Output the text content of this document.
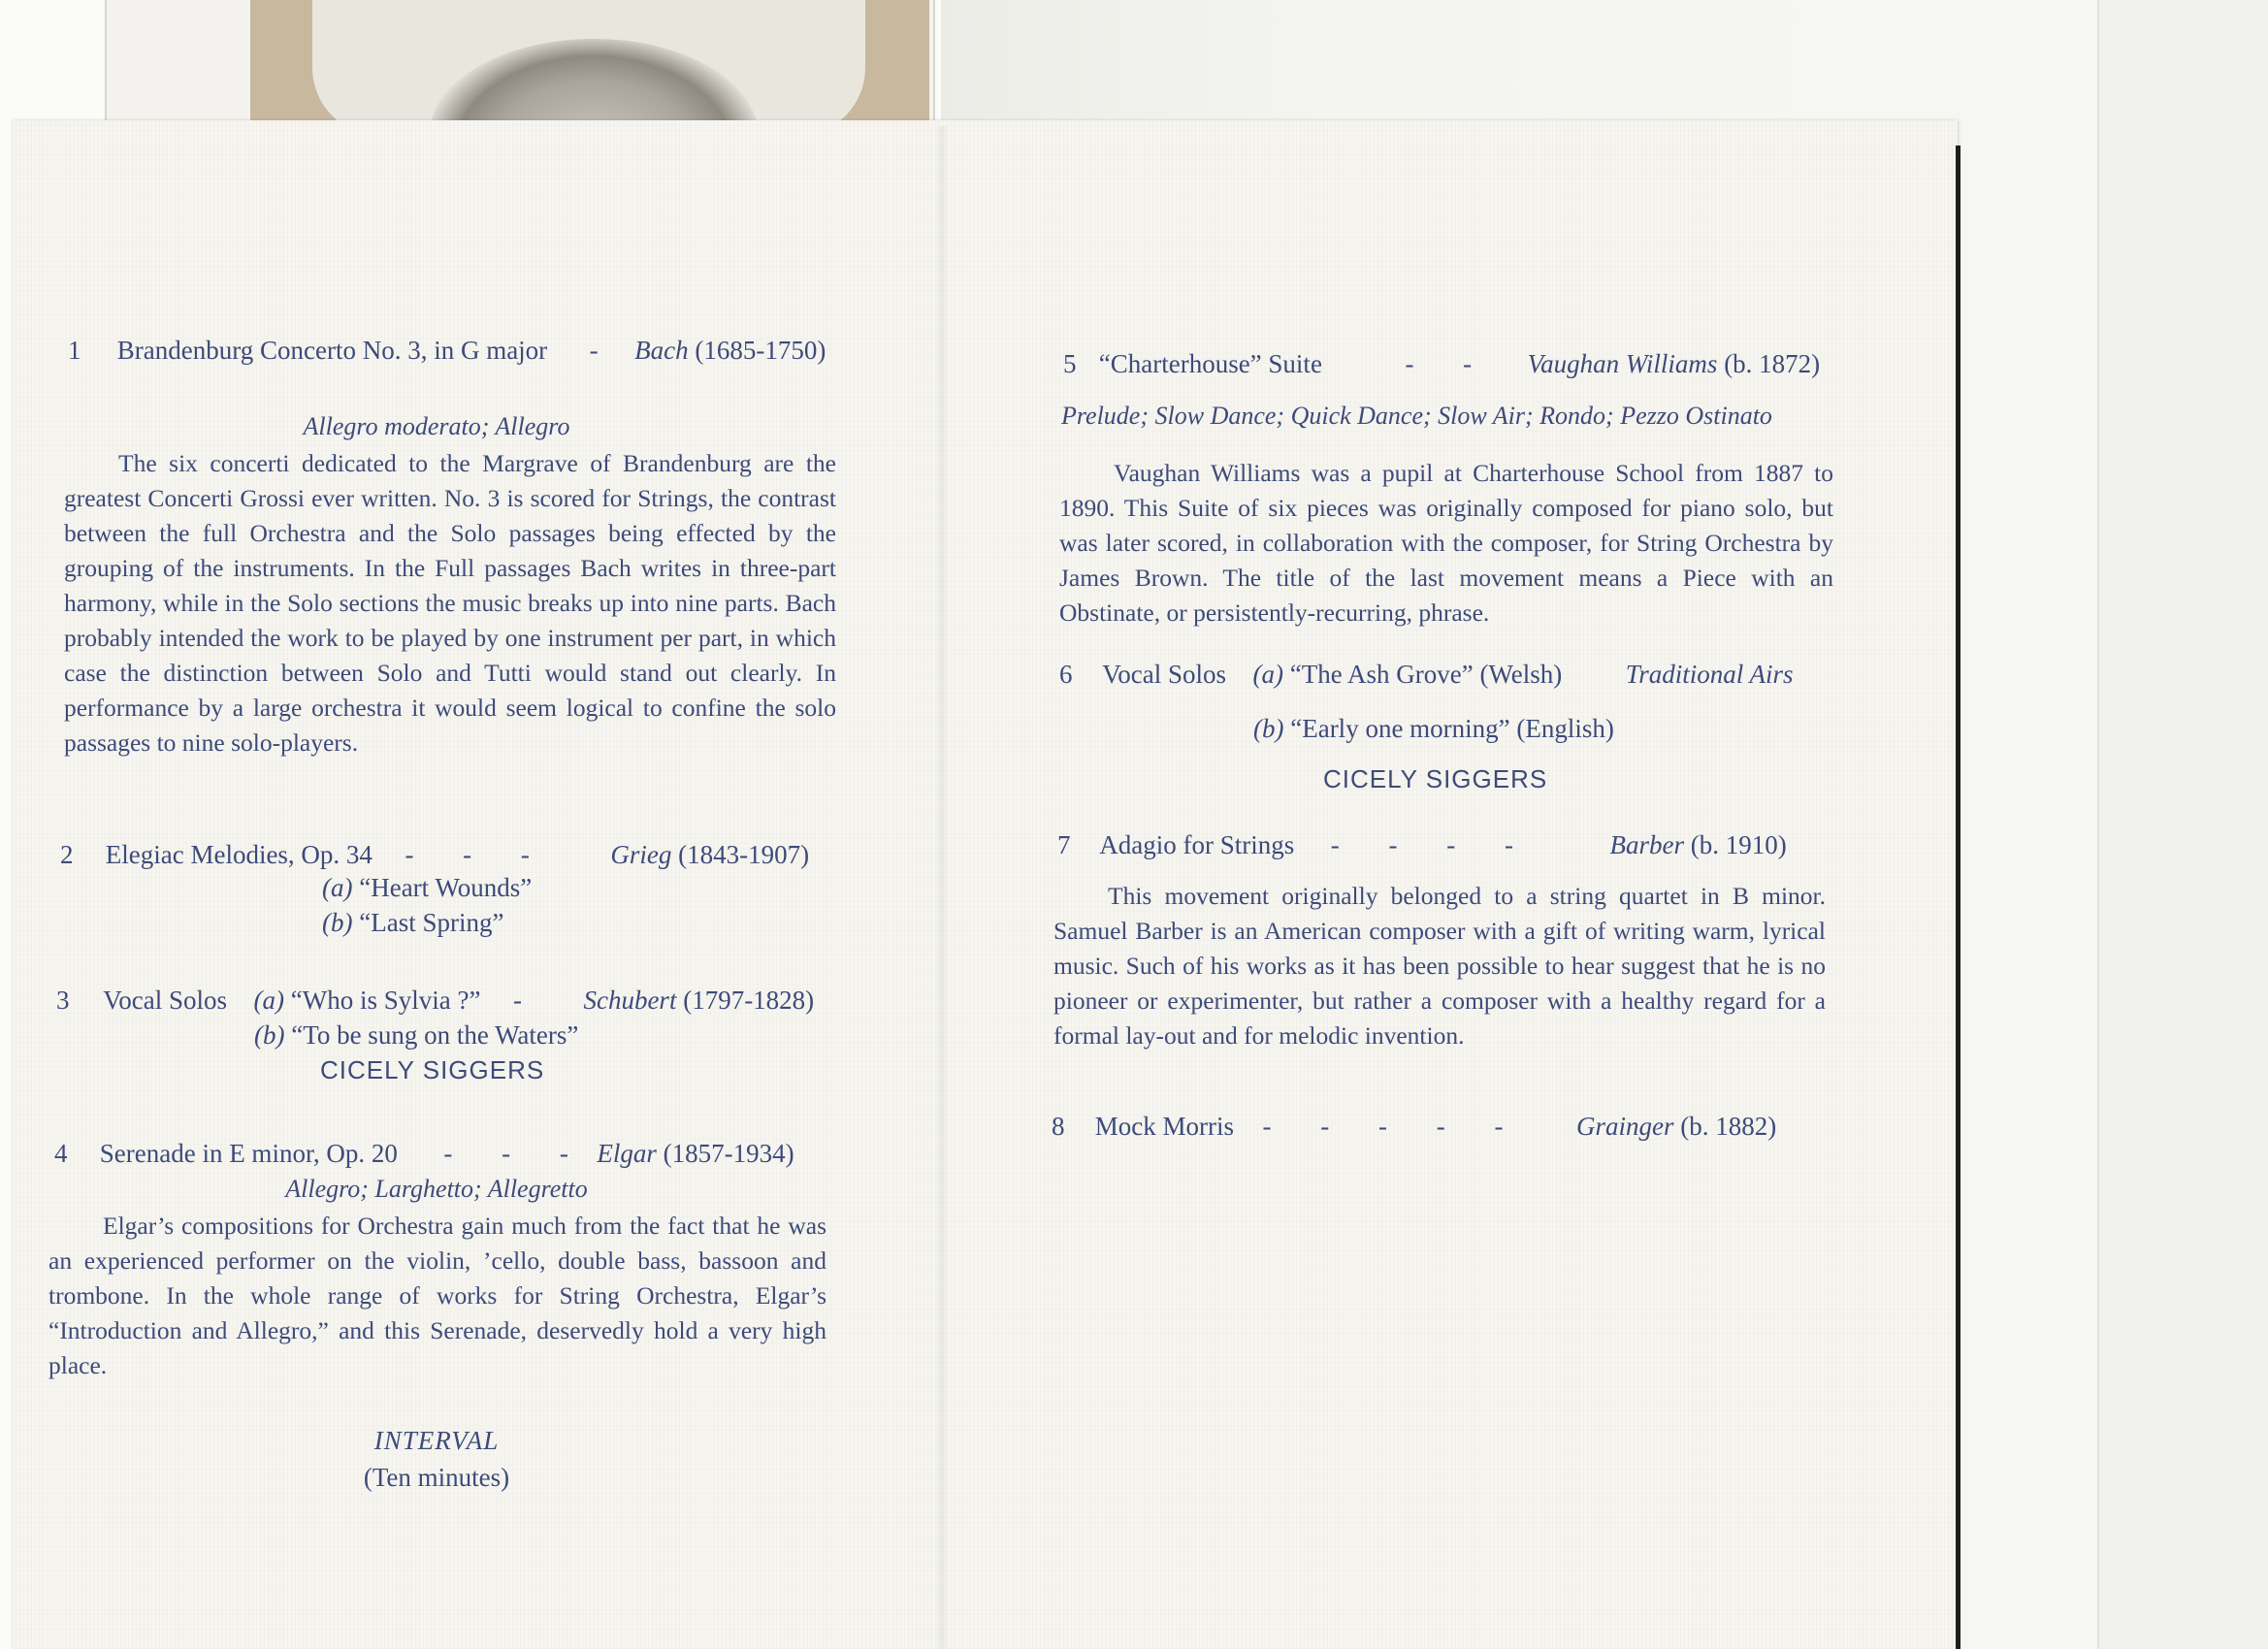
1 Brandenburg Concerto No. 3, in G major - Bach (1685-1750)
Allegro moderato; Allegro

The six concerti dedicated to the Margrave of Brandenburg are the greatest Concerti Grossi ever written. No. 3 is scored for Strings, the contrast between the full Orchestra and the Solo passages being effected by the grouping of the instruments. In the Full passages Bach writes in three-part harmony, while in the Solo sections the music breaks up into nine parts. Bach probably intended the work to be played by one instrument per part, in which case the distinction between Solo and Tutti would stand out clearly. In performance by a large orchestra it would seem logical to confine the solo passages to nine solo-players.

2 Elegiac Melodies, Op. 34 - - -	Grieg (1843-1907)
(a) “Heart Wounds”
(b) “Last Spring”
3 Vocal Solos (a) “Who is Sylvia ?” - Schubert (1797-1828)
(b) “To be sung on the Waters”
CICELY SIGGERS
4 Serenade in E minor, Op. 20 - - - Elgar (1857-1934)
Allegro; Larghetto; Allegretto

Elgar’s compositions for Orchestra gain much from the fact that he was an experienced performer on the violin, ’cello, double bass, bassoon and trombone. In the whole range of works for String Orchestra, Elgar’s “Introduction and Allegro,” and this Serenade, deservedly hold a very high place.

INTERVAL
(Ten minutes)
5 “Charterhouse” Suite	- - Vaughan Williams (b. 1872)
Prelude; Slow Dance; Quick Dance; Slow Air; Rondo; Pezzo Ostinato

Vaughan Williams was a pupil at Charterhouse School from 1887 to 1890. This Suite of six pieces was originally composed for piano solo, but was later scored, in collaboration with the composer, for String Orchestra by James Brown. The title of the last movement means a Piece with an Obstinate, or persistently-recurring, phrase.

6 Vocal Solos (a) “The Ash Grove” (Welsh) Traditional Airs
(b) “Early one morning” (English)
CICELY SIGGERS
7 Adagio for Strings - - - -	Barber (b. 1910)

This movement originally belonged to a string quartet in B minor. Samuel Barber is an American composer with a gift of writing warm, lyrical music. Such of his works as it has been possible to hear suggest that he is no pioneer or experimenter, but rather a composer with a healthy regard for a formal lay-out and for melodic invention.

8 Mock Morris - - - - -	Grainger (b. 1882)
